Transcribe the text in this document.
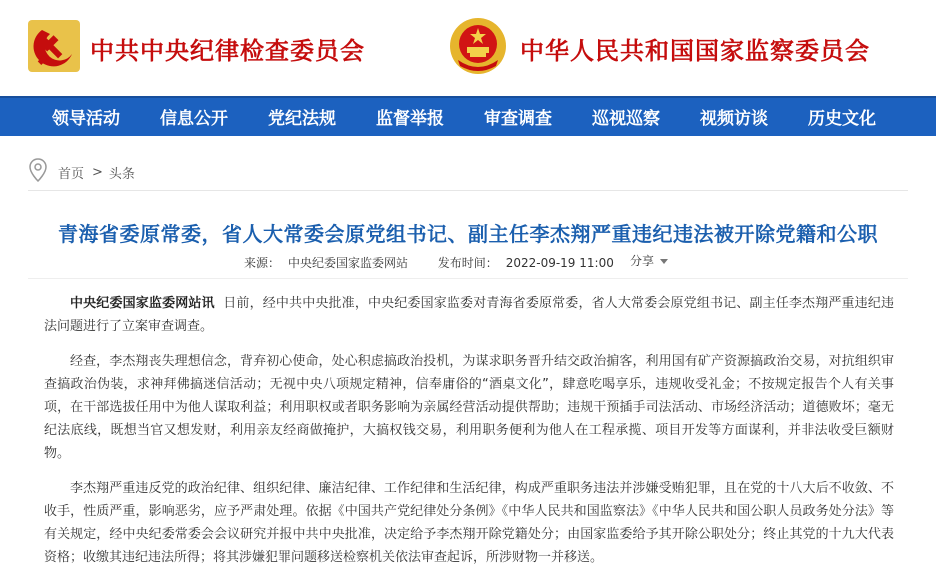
中共中央纪律检查委员会	中华人民共和国国家监察委员会
领导活动 信息公开 党纪法规 监督举报 审查调查 巡视巡察 视频访谈 历史文化
首页 > 头条
青海省委原常委，省人大常委会原党组书记、副主任李杰翔严重违纪违法被开除党籍和公职
来源： 中央纪委国家监委网站 发布时间： 2022-09-19 11:00 分享

中央纪委国家监委网站讯 日前，经中共中央批准，中央纪委国家监委对青海省委原常委，省人大常委会原党组书记、副主任李杰翔严重违纪违法问题进行了立案审查调查。

经查，李杰翔丧失理想信念，背弃初心使命，处心积虑搞政治投机，为谋求职务晋升结交政治掮客，利用国有矿产资源搞政治交易，对抗组织审查搞政治伪装，求神拜佛搞迷信活动；无视中央八项规定精神，信奉庸俗的“酒桌文化”，肆意吃喝享乐，违规收受礼金；不按规定报告个人有关事项，在干部选拔任用中为他人谋取利益；利用职权或者职务影响为亲属经营活动提供帮助；违规干预插手司法活动、市场经济活动；道德败坏；毫无纪法底线，既想当官又想发财，利用亲友经商做掩护，大搞权钱交易，利用职务便利为他人在工程承揽、项目开发等方面谋利，并非法收受巨额财物。

李杰翔严重违反党的政治纪律、组织纪律、廉洁纪律、工作纪律和生活纪律，构成严重职务违法并涉嫌受贿犯罪，且在党的十八大后不收敛、不收手，性质严重，影响恶劣，应予严肃处理。依据《中国共产党纪律处分条例》《中华人民共和国监察法》《中华人民共和国公职人员政务处分法》等有关规定，经中央纪委常委会会议研究并报中共中央批准，决定给予李杰翔开除党籍处分；由国家监委给予其开除公职处分；终止其党的十九大代表资格；收缴其违纪违法所得；将其涉嫌犯罪问题移送检察机关依法审查起诉，所涉财物一并移送。
